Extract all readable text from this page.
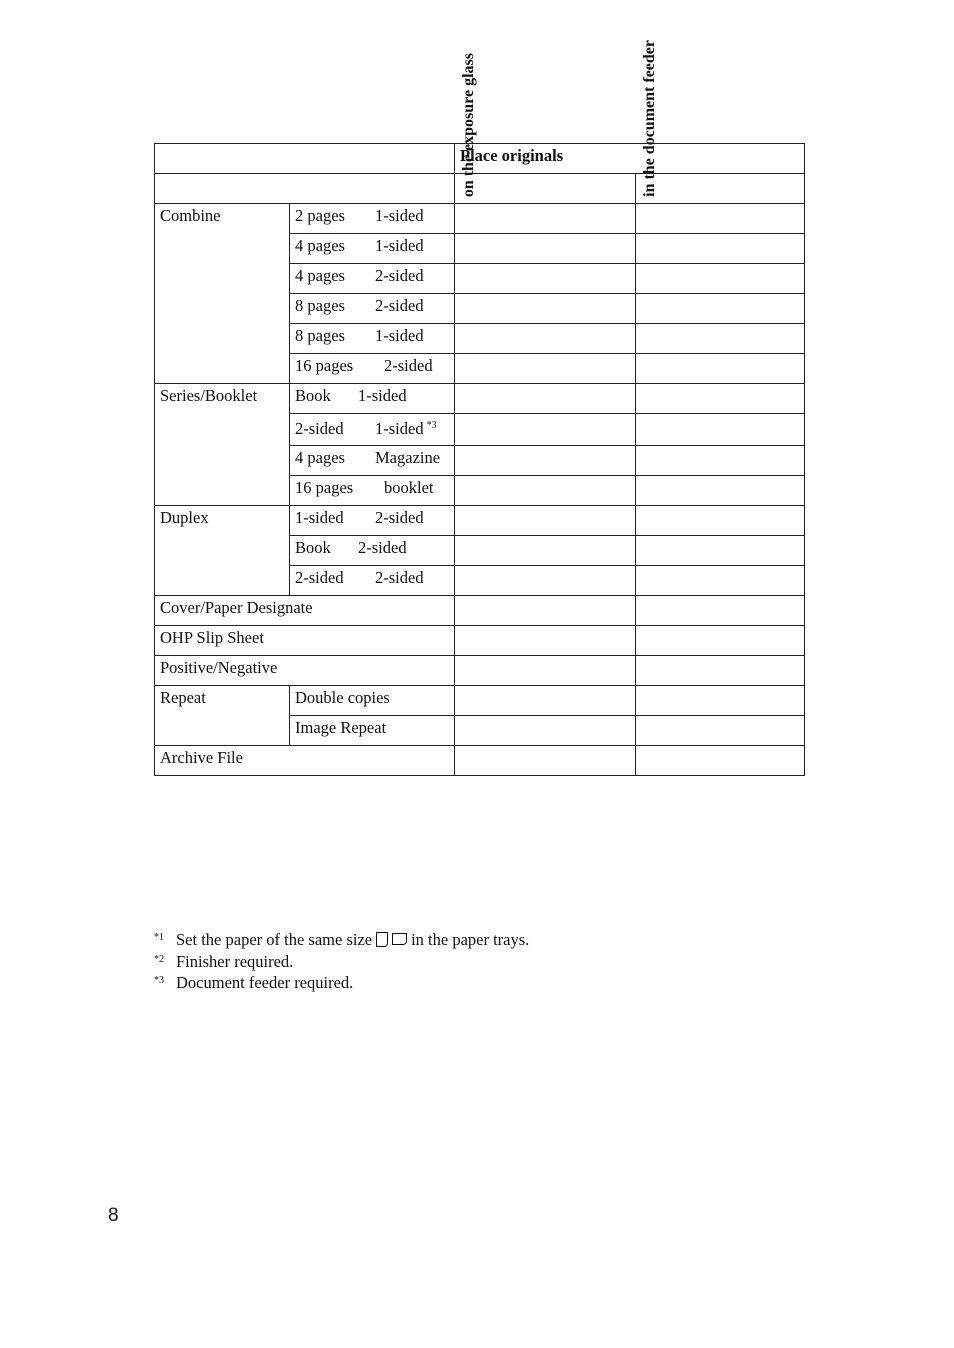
		Place originals	

		on the exposure glass	in the document feeder

Combine	2 pages 1-sided		
	4 pages 1-sided		
	4 pages 2-sided		
	8 pages 2-sided		
	8 pages 1-sided		
	16 pages 2-sided		
Series/Booklet	Book 1-sided		
	2-sided 1-sided $^{*3}$		
	4 pages Magazine		
	16 pages booklet		
Duplex	1-sided 2-sided		
	Book 2-sided		
	2-sided 2-sided		
Cover/Paper Designate			
OHP Slip Sheet			
Positive/Negative			
Repeat	Double copies		
	Image Repeat		
Archive File			
*1 Set the paper of the same size in the paper trays.
*2 Finisher required.
*3 Document feeder required.
8
